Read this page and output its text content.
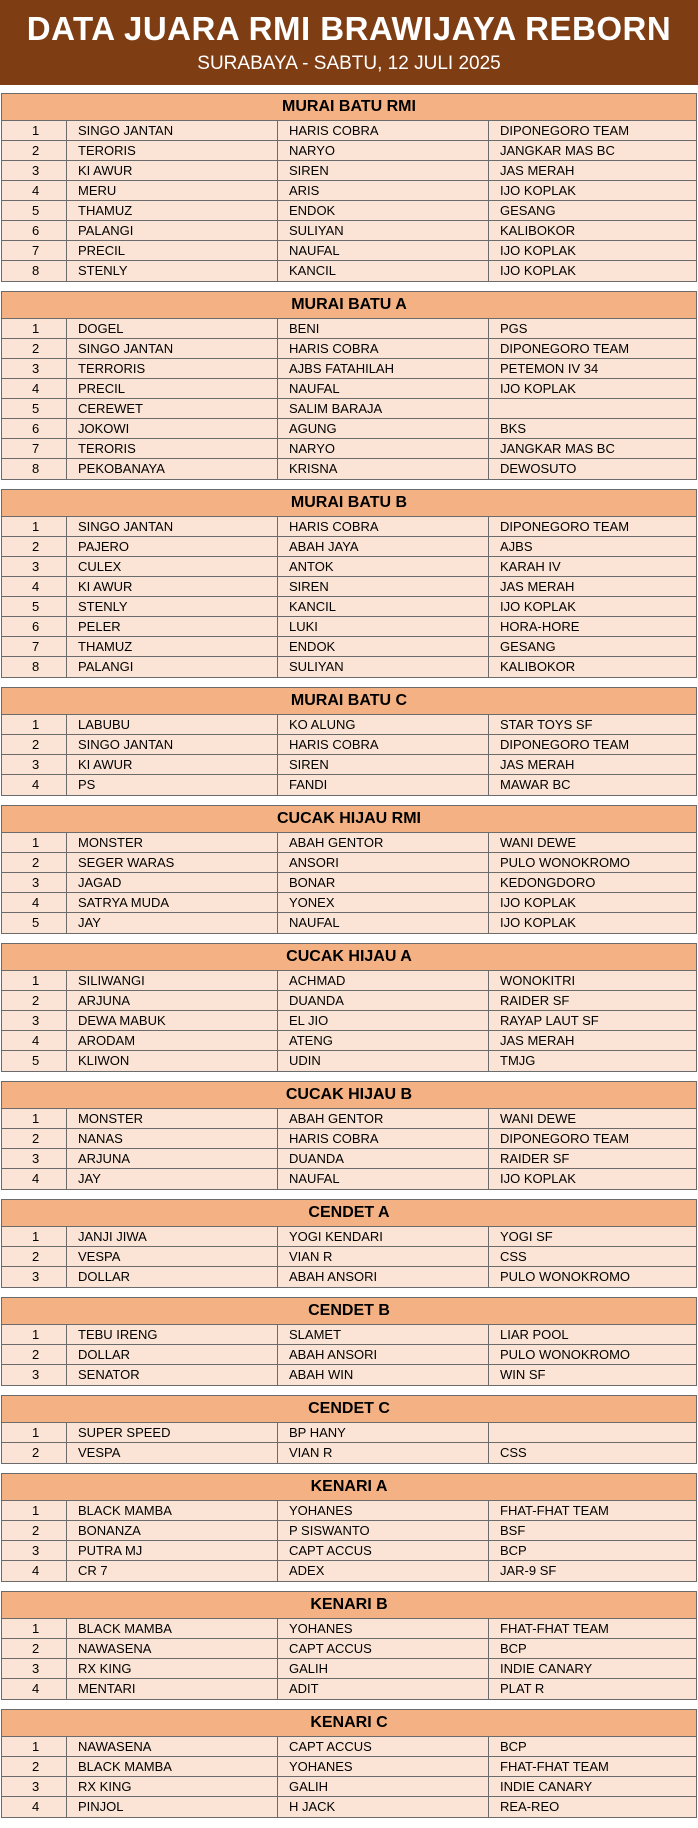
DATA JUARA RMI BRAWIJAYA REBORN
SURABAYA - SABTU, 12 JULI 2025
MURAI BATU RMI
1	SINGO JANTAN	HARIS COBRA	DIPONEGORO TEAM
2	TERORIS	NARYO	JANGKAR MAS BC
3	KI AWUR	SIREN	JAS MERAH
4	MERU	ARIS	IJO KOPLAK
5	THAMUZ	ENDOK	GESANG
6	PALANGI	SULIYAN	KALIBOKOR
7	PRECIL	NAUFAL	IJO KOPLAK
8	STENLY	KANCIL	IJO KOPLAK
MURAI BATU A
1	DOGEL	BENI	PGS
2	SINGO JANTAN	HARIS COBRA	DIPONEGORO TEAM
3	TERRORIS	AJBS FATAHILAH	PETEMON IV 34
4	PRECIL	NAUFAL	IJO KOPLAK
5	CEREWET	SALIM BARAJA
6	JOKOWI	AGUNG	BKS
7	TERORIS	NARYO	JANGKAR MAS BC
8	PEKOBANAYA	KRISNA	DEWOSUTO
MURAI BATU B
1	SINGO JANTAN	HARIS COBRA	DIPONEGORO TEAM
2	PAJERO	ABAH JAYA	AJBS
3	CULEX	ANTOK	KARAH IV
4	KI AWUR	SIREN	JAS MERAH
5	STENLY	KANCIL	IJO KOPLAK
6	PELER	LUKI	HORA-HORE
7	THAMUZ	ENDOK	GESANG
8	PALANGI	SULIYAN	KALIBOKOR
MURAI BATU C
1	LABUBU	KO ALUNG	STAR TOYS SF
2	SINGO JANTAN	HARIS COBRA	DIPONEGORO TEAM
3	KI AWUR	SIREN	JAS MERAH
4	PS	FANDI	MAWAR BC
CUCAK HIJAU RMI
1	MONSTER	ABAH GENTOR	WANI DEWE
2	SEGER WARAS	ANSORI	PULO WONOKROMO
3	JAGAD	BONAR	KEDONGDORO
4	SATRYA MUDA	YONEX	IJO KOPLAK
5	JAY	NAUFAL	IJO KOPLAK
CUCAK HIJAU A
1	SILIWANGI	ACHMAD	WONOKITRI
2	ARJUNA	DUANDA	RAIDER SF
3	DEWA MABUK	EL JIO	RAYAP LAUT SF
4	ARODAM	ATENG	JAS MERAH
5	KLIWON	UDIN	TMJG
CUCAK HIJAU B
1	MONSTER	ABAH GENTOR	WANI DEWE
2	NANAS	HARIS COBRA	DIPONEGORO TEAM
3	ARJUNA	DUANDA	RAIDER SF
4	JAY	NAUFAL	IJO KOPLAK
CENDET A
1	JANJI JIWA	YOGI KENDARI	YOGI SF
2	VESPA	VIAN R	CSS
3	DOLLAR	ABAH ANSORI	PULO WONOKROMO
CENDET B
1	TEBU IRENG	SLAMET	LIAR POOL
2	DOLLAR	ABAH ANSORI	PULO WONOKROMO
3	SENATOR	ABAH WIN	WIN SF
CENDET C
1	SUPER SPEED	BP HANY
2	VESPA	VIAN R	CSS
KENARI A
1	BLACK MAMBA	YOHANES	FHAT-FHAT TEAM
2	BONANZA	P SISWANTO	BSF
3	PUTRA MJ	CAPT ACCUS	BCP
4	CR 7	ADEX	JAR-9 SF
KENARI B
1	BLACK MAMBA	YOHANES	FHAT-FHAT TEAM
2	NAWASENA	CAPT ACCUS	BCP
3	RX KING	GALIH	INDIE CANARY
4	MENTARI	ADIT	PLAT R
KENARI C
1	NAWASENA	CAPT ACCUS	BCP
2	BLACK MAMBA	YOHANES	FHAT-FHAT TEAM
3	RX KING	GALIH	INDIE CANARY
4	PINJOL	H JACK	REA-REO
